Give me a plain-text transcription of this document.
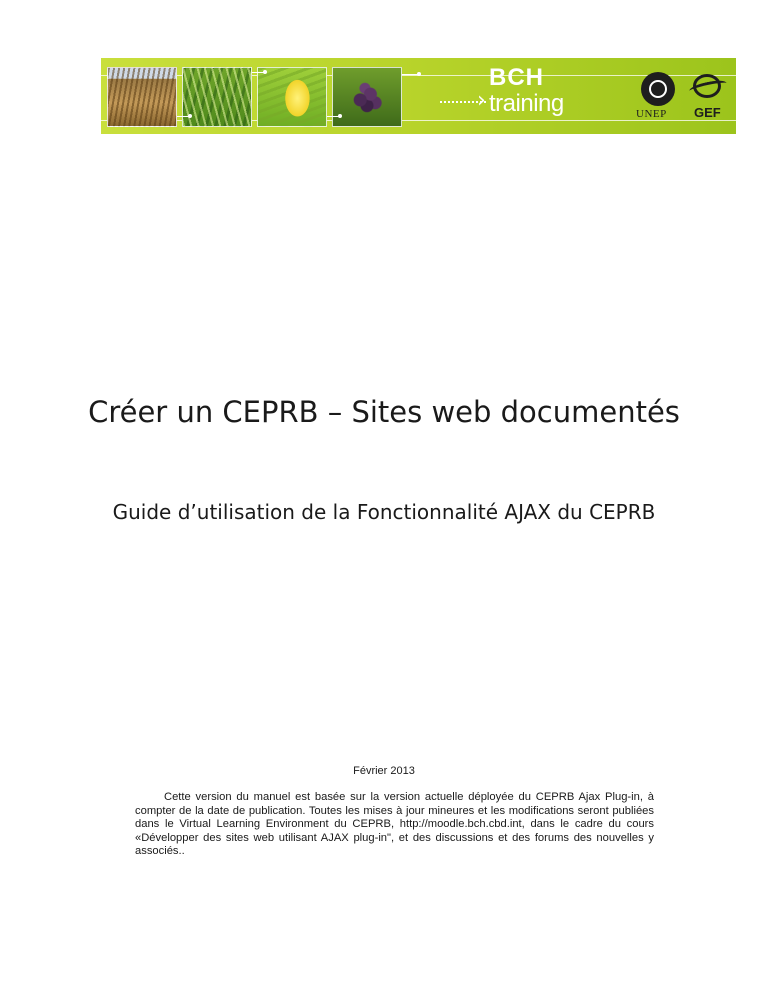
›
BCH
training	UNEP GEF
Créer un CEPRB – Sites web documentés
Guide d’utilisation de la Fonctionnalité AJAX du CEPRB
Février 2013

Cette version du manuel est basée sur la version actuelle déployée du CEPRB Ajax Plug-in, à compter de la date de publication. Toutes les mises à jour mineures et les modifications seront publiées dans le Virtual Learning Environment du CEPRB, http://moodle.bch.cbd.int, dans le cadre du cours «Développer des sites web utilisant AJAX plug-in", et des discussions et des forums des nouvelles y associés..
